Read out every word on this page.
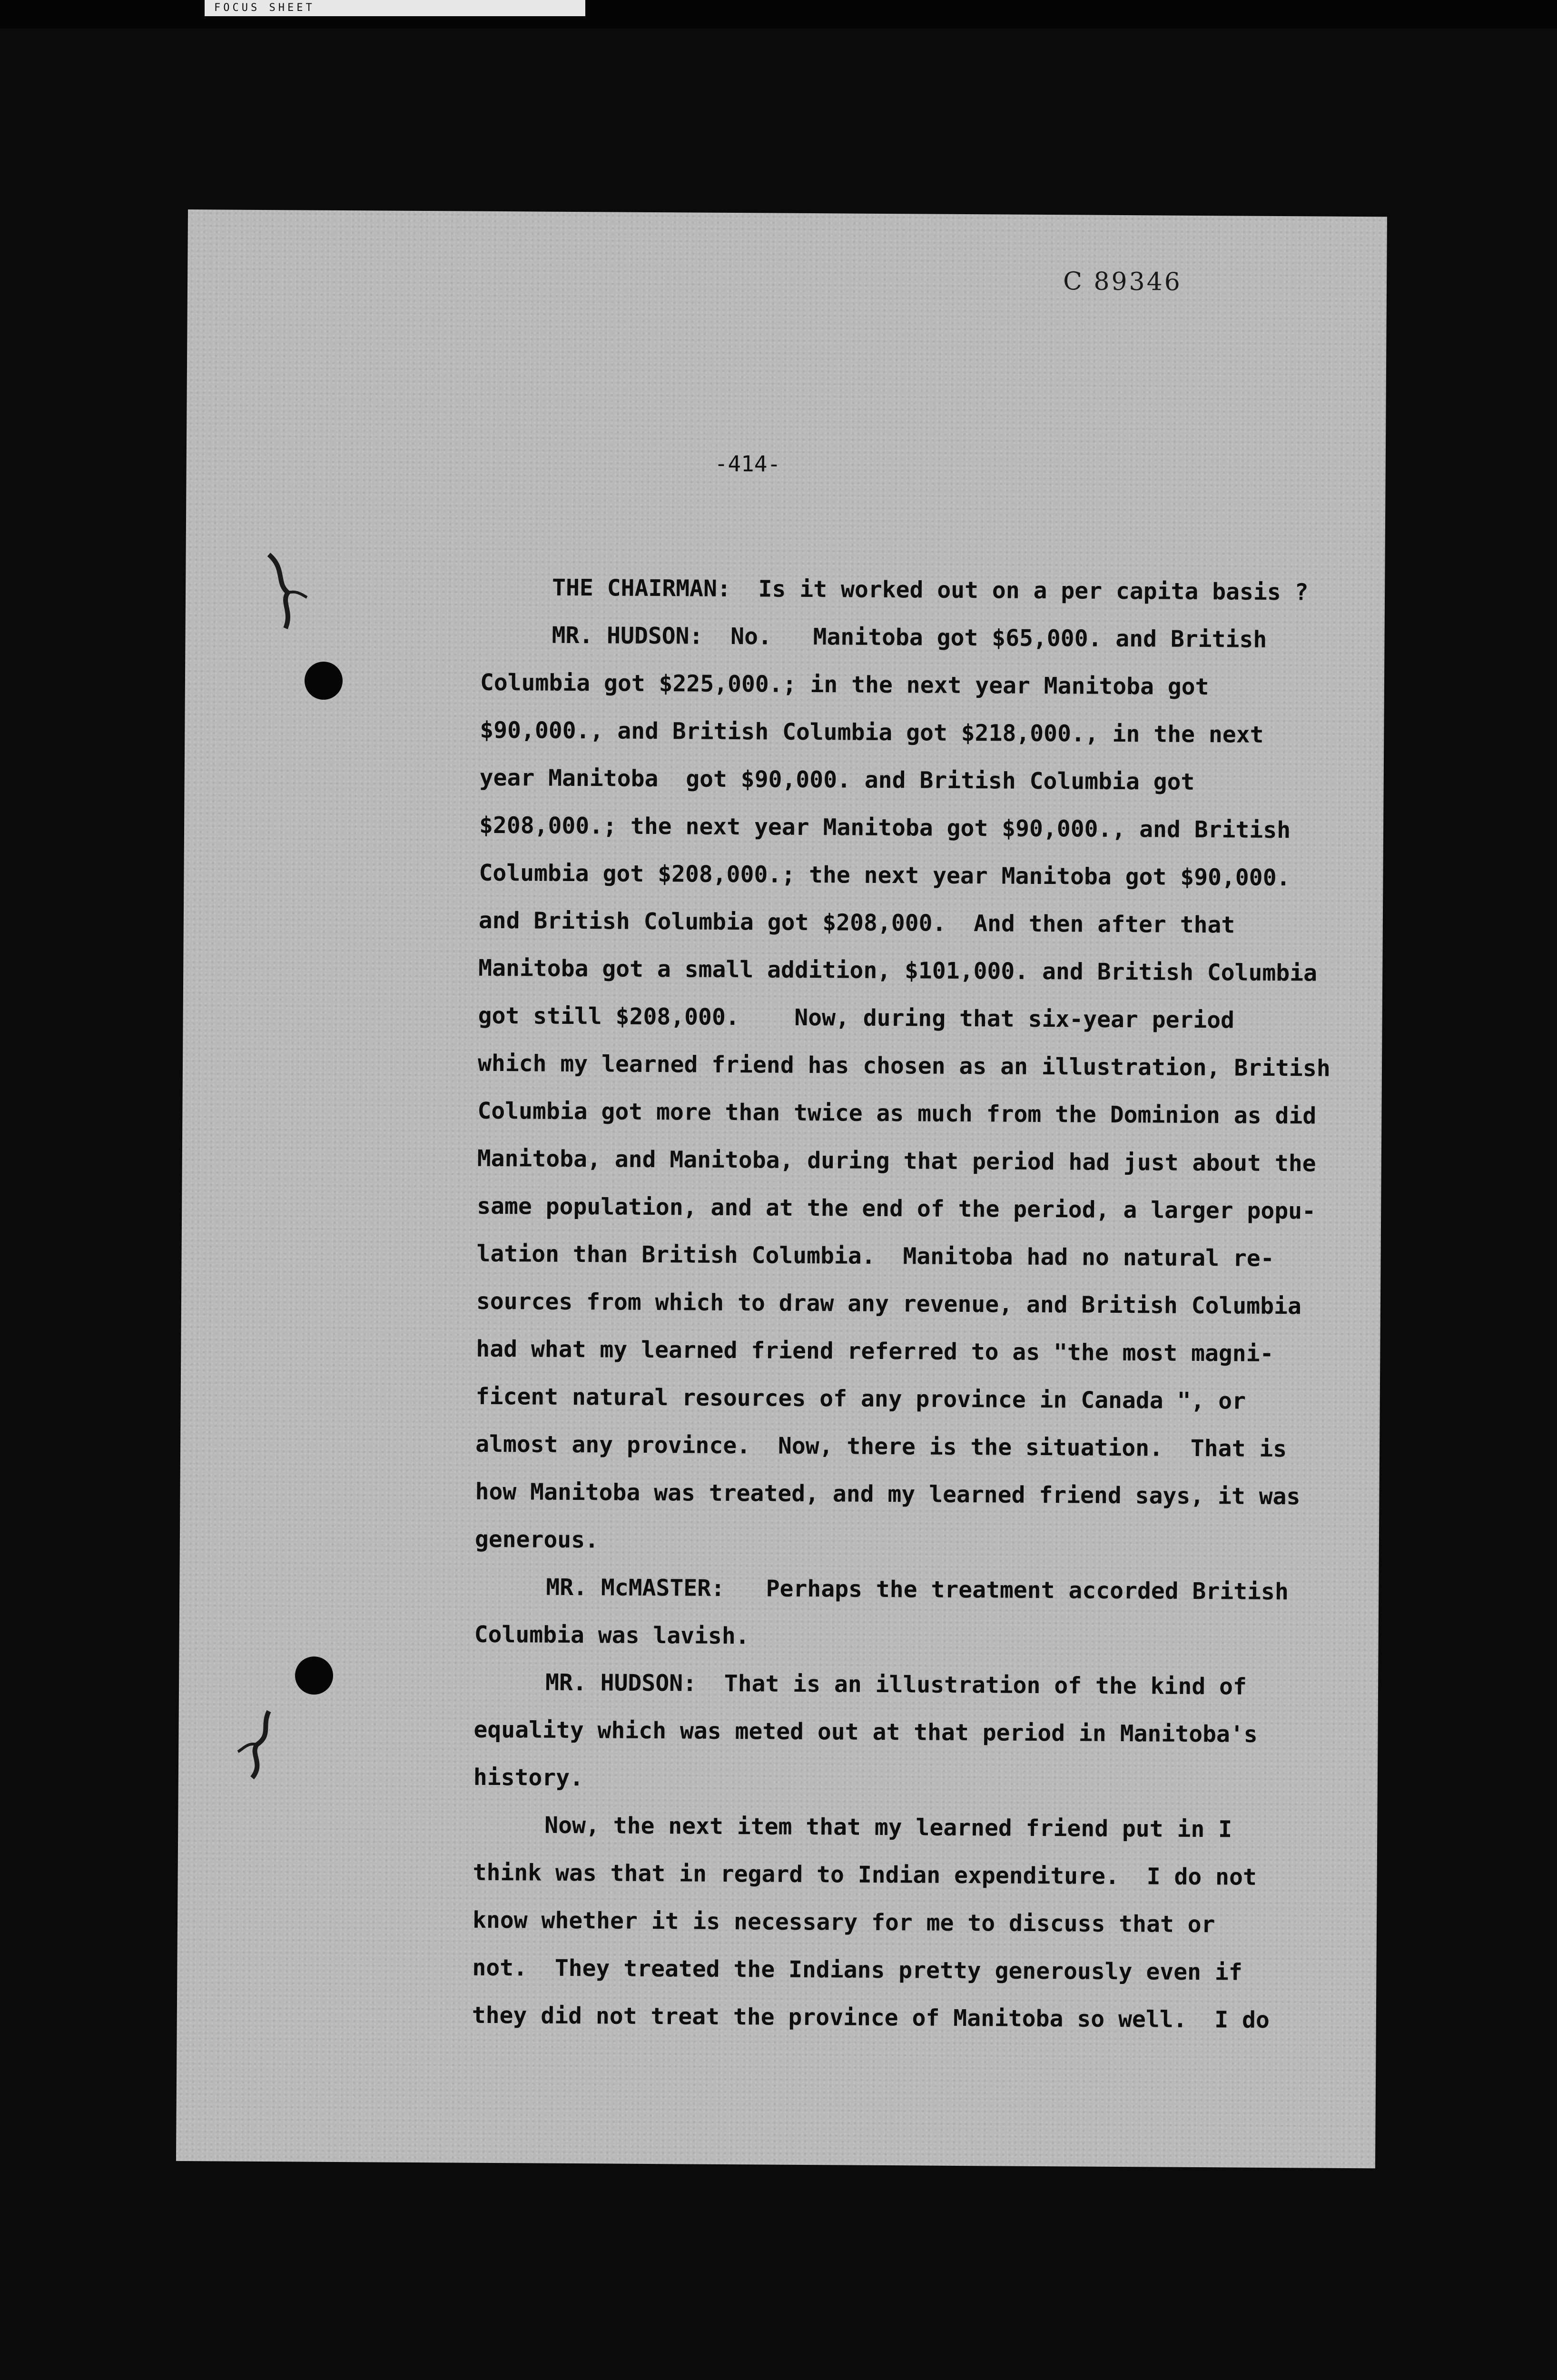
FOCUS SHEET
C 89346
-414-
THE CHAIRMAN:  Is it worked out on a per capita basis ?
MR. HUDSON:  No.   Manitoba got $65,000. and British
Columbia got $225,000.; in the next year Manitoba got
$90,000., and British Columbia got $218,000., in the next
year Manitoba  got $90,000. and British Columbia got
$208,000.; the next year Manitoba got $90,000., and British
Columbia got $208,000.; the next year Manitoba got $90,000.
and British Columbia got $208,000.  And then after that
Manitoba got a small addition, $101,000. and British Columbia
got still $208,000.    Now, during that six-year period
which my learned friend has chosen as an illustration, British
Columbia got more than twice as much from the Dominion as did
Manitoba, and Manitoba, during that period had just about the
same population, and at the end of the period, a larger popu-
lation than British Columbia.  Manitoba had no natural re-
sources from which to draw any revenue, and British Columbia
had what my learned friend referred to as "the most magni-
ficent natural resources of any province in Canada ", or
almost any province.  Now, there is the situation.  That is
how Manitoba was treated, and my learned friend says, it was
generous.
MR. McMASTER:   Perhaps the treatment accorded British
Columbia was lavish.
MR. HUDSON:  That is an illustration of the kind of
equality which was meted out at that period in Manitoba's
history.
Now, the next item that my learned friend put in I
think was that in regard to Indian expenditure.  I do not
know whether it is necessary for me to discuss that or
not.  They treated the Indians pretty generously even if
they did not treat the province of Manitoba so well.  I do
